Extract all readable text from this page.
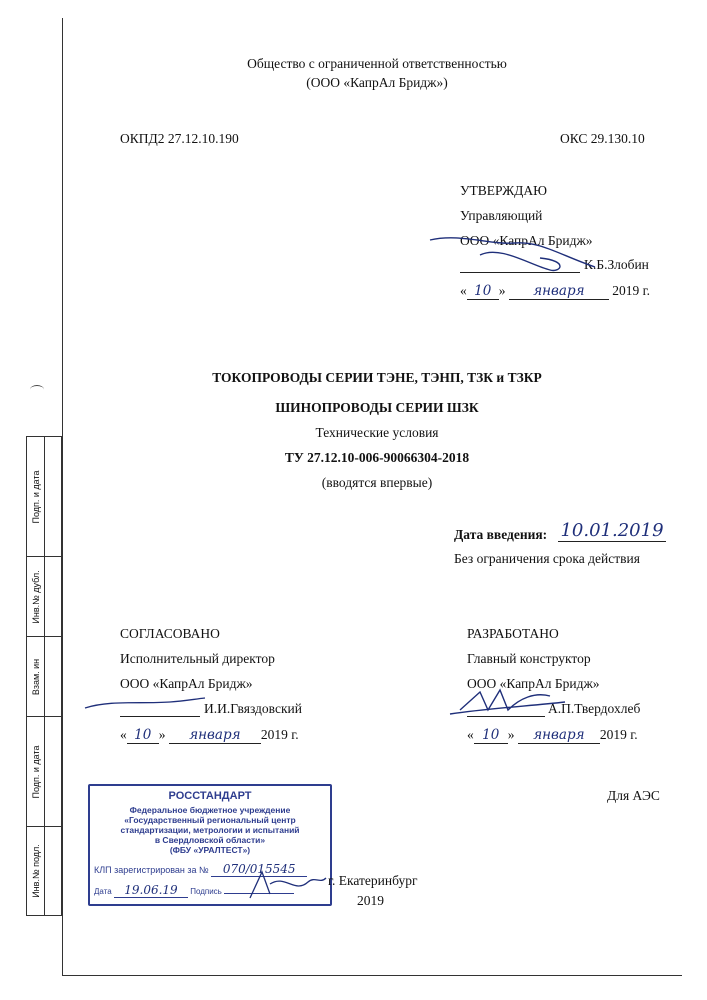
Подп. и дата
Инв.№ дубл.
Взам. ин
Подп. и дата
Инв.№ подл.
Общество с ограниченной ответственностью
(ООО «КапрАл Бридж»)
ОКПД2 27.12.10.190	ОКС 29.130.10
УТВЕРЖДАЮ
Управляющий
ООО «КапрАл Бридж»
К.Б.Злобин
« 10 » января 2019 г.
ТОКОПРОВОДЫ СЕРИИ ТЭНЕ, ТЭНП, ТЗК и ТЗКР
ШИНОПРОВОДЫ СЕРИИ ШЗК
Технические условия
ТУ 27.12.10-006-90066304-2018
(вводятся впервые)
Дата введения: 10.01.2019
Без ограничения срока действия
СОГЛАСОВАНО
Исполнительный директор
ООО «КапрАл Бридж»
И.И.Гвяздовский
« 10 » января 2019 г.
РАЗРАБОТАНО
Главный конструктор
ООО «КапрАл Бридж»
А.П.Твердохлеб
« 10 » января 2019 г.
Для АЭС
РОССТАНДАРТ
Федеральное бюджетное учреждение
«Государственный региональный центр
стандартизации, метрологии и испытаний
в Свердловской области»
(ФБУ «УРАЛТЕСТ»)
КЛП зарегистрирован за № 070/015545
Дата 19.06.19 Подпись
г. Екатеринбург
2019
